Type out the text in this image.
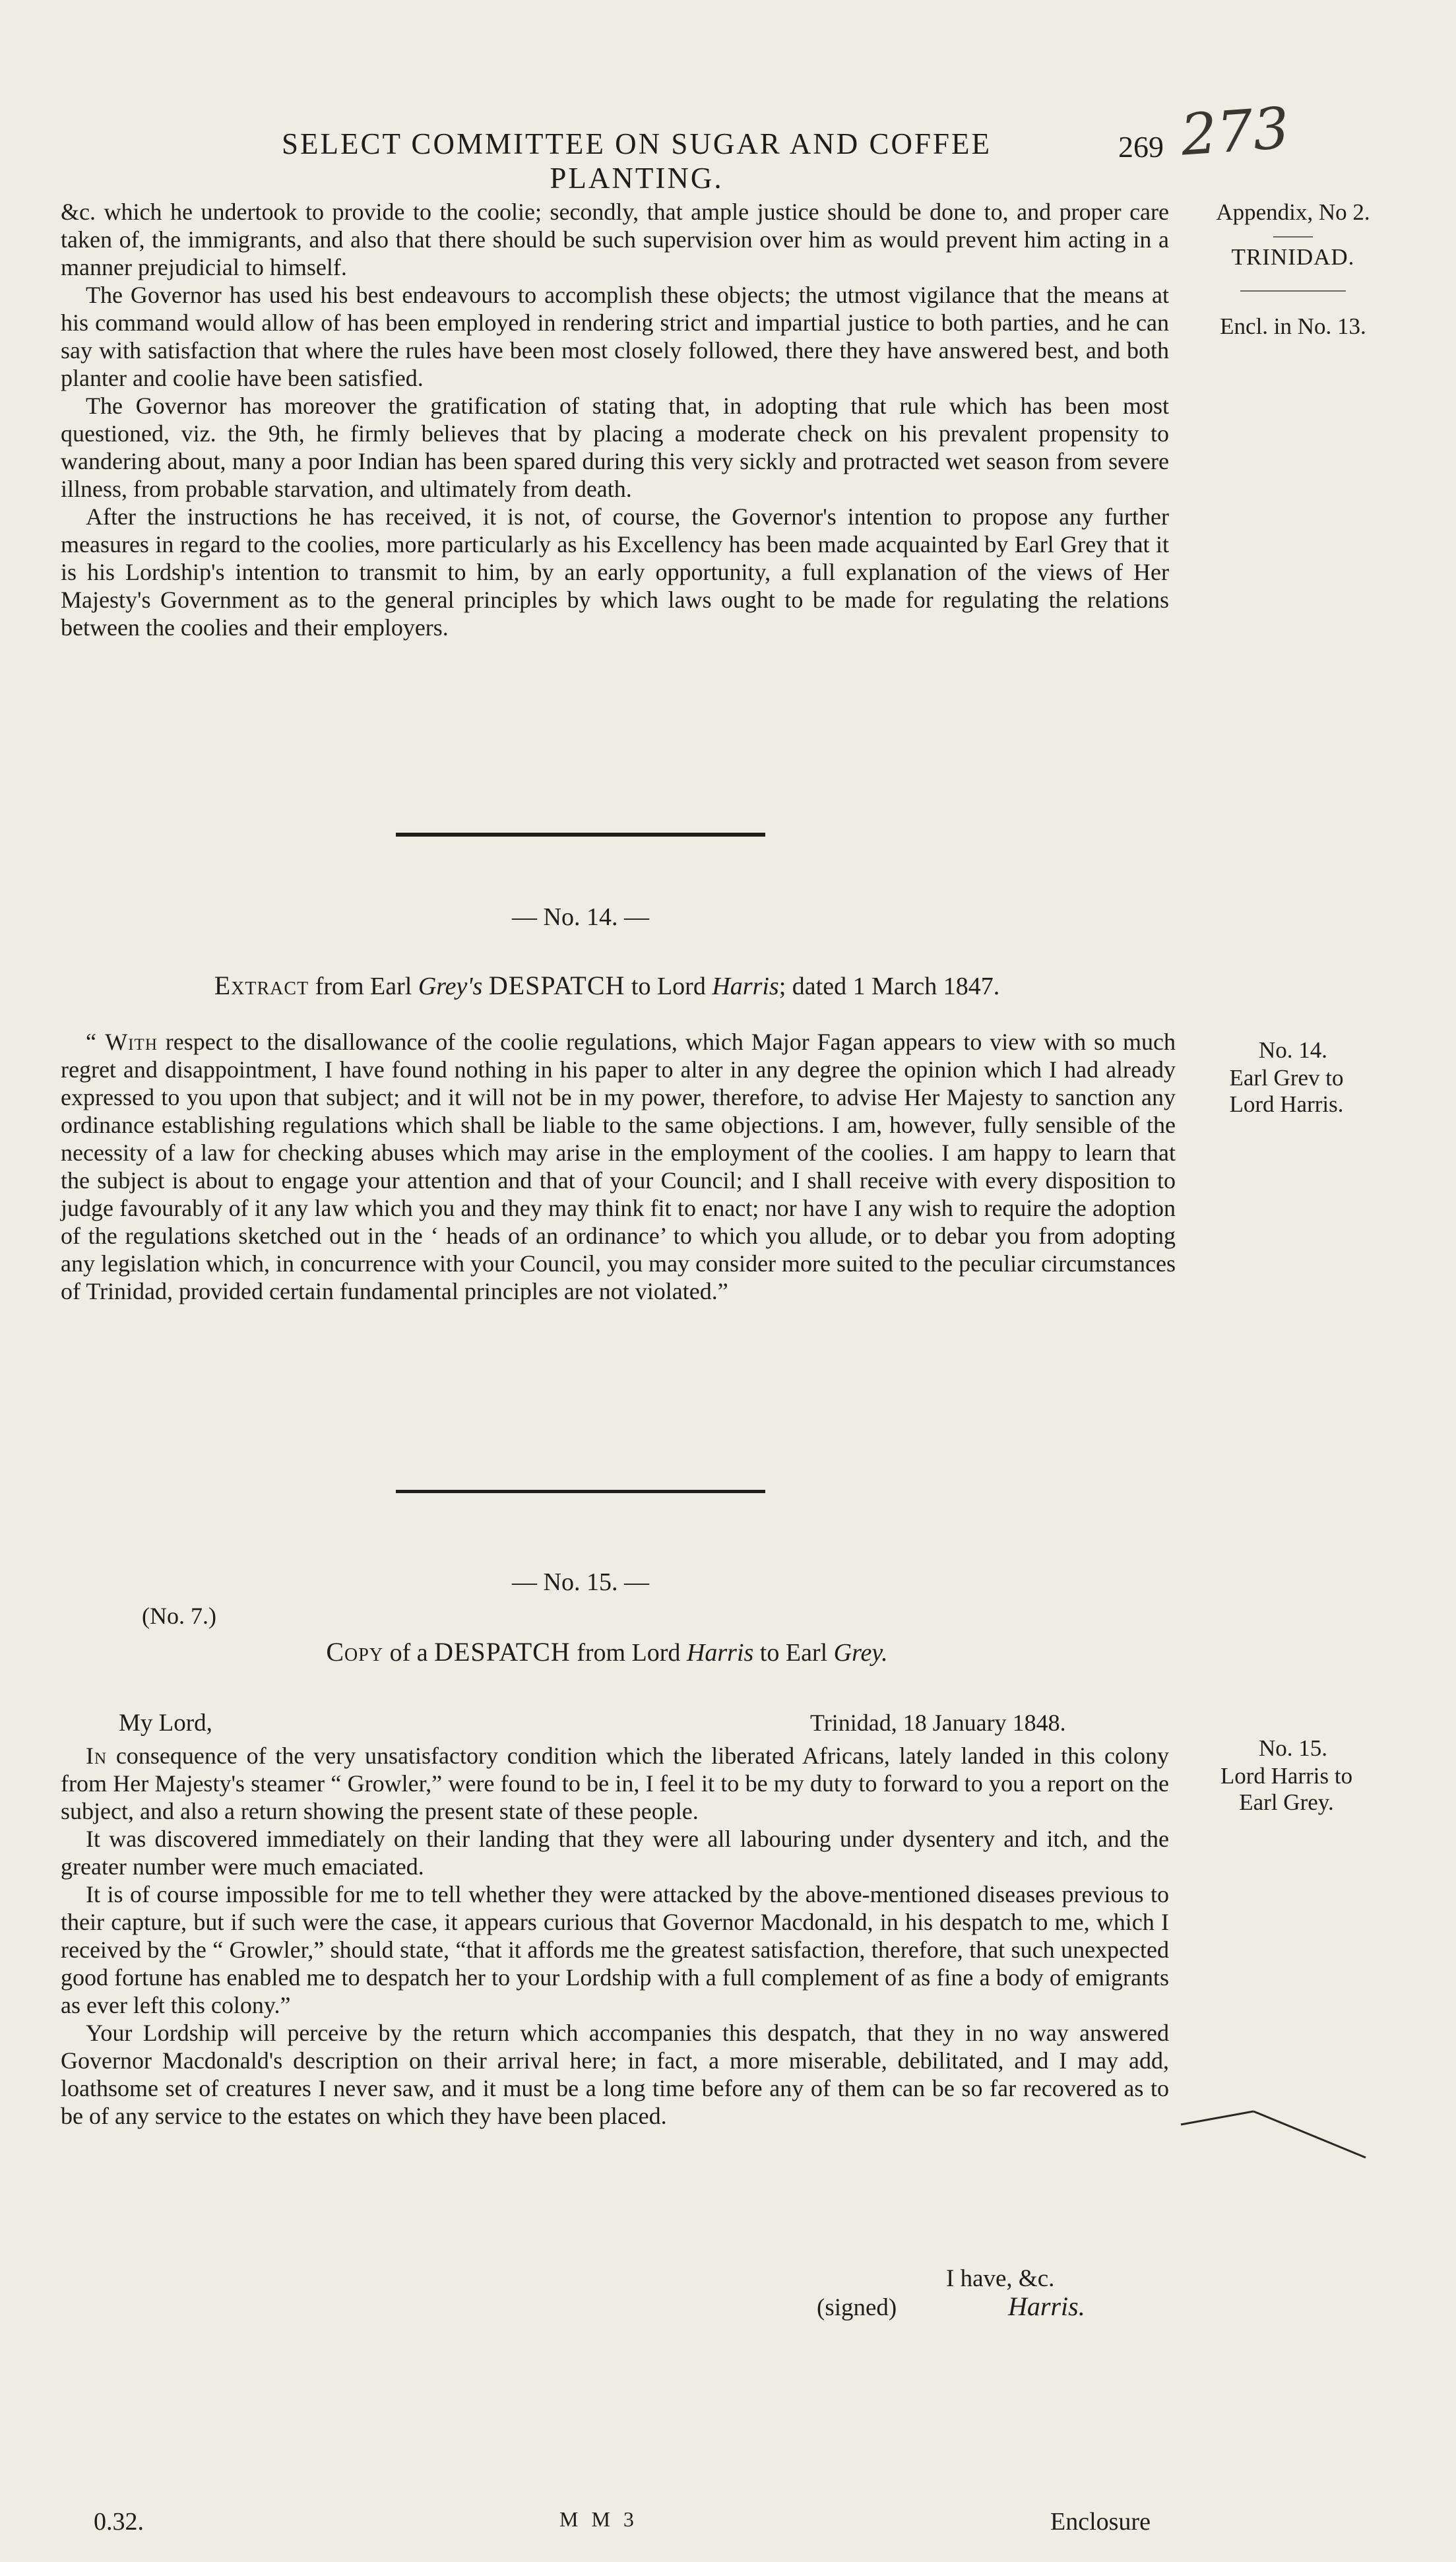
SELECT COMMITTEE ON SUGAR AND COFFEE PLANTING.
269 273
Appendix, No 2.
TRINIDAD.
Encl. in No. 13.

&c. which he undertook to provide to the coolie; secondly, that ample justice should be done to, and proper care taken of, the immigrants, and also that there should be such supervision over him as would prevent him acting in a manner prejudicial to himself.

The Governor has used his best endeavours to accomplish these objects; the utmost vigilance that the means at his command would allow of has been employed in rendering strict and impartial justice to both parties, and he can say with satisfaction that where the rules have been most closely followed, there they have answered best, and both planter and coolie have been satisfied.

The Governor has moreover the gratification of stating that, in adopting that rule which has been most questioned, viz. the 9th, he firmly believes that by placing a moderate check on his prevalent propensity to wandering about, many a poor Indian has been spared during this very sickly and protracted wet season from severe illness, from probable starvation, and ultimately from death.

After the instructions he has received, it is not, of course, the Governor's intention to propose any further measures in regard to the coolies, more particularly as his Excellency has been made acquainted by Earl Grey that it is his Lordship's intention to transmit to him, by an early opportunity, a full explanation of the views of Her Majesty's Government as to the general principles by which laws ought to be made for regulating the relations between the coolies and their employers.

— No. 14. —
Extract from Earl Grey's DESPATCH to Lord Harris; dated 1 March 1847.
No. 14.
Earl Grev to
Lord Harris.

“ With respect to the disallowance of the coolie regulations, which Major Fagan appears to view with so much regret and disappointment, I have found nothing in his paper to alter in any degree the opinion which I had already expressed to you upon that subject; and it will not be in my power, therefore, to advise Her Majesty to sanction any ordinance establishing regulations which shall be liable to the same objections. I am, however, fully sensible of the necessity of a law for checking abuses which may arise in the employment of the coolies. I am happy to learn that the subject is about to engage your attention and that of your Council; and I shall receive with every disposition to judge favourably of it any law which you and they may think fit to enact; nor have I any wish to require the adoption of the regulations sketched out in the ‘ heads of an ordinance’ to which you allude, or to debar you from adopting any legislation which, in concurrence with your Council, you may consider more suited to the peculiar circumstances of Trinidad, provided certain fundamental principles are not violated.”

— No. 15. —
(No. 7.)
Copy of a DESPATCH from Lord Harris to Earl Grey.
My Lord,	Trinidad, 18 January 1848.
No. 15.
Lord Harris to
Earl Grey.

In consequence of the very unsatisfactory condition which the liberated Africans, lately landed in this colony from Her Majesty's steamer “ Growler,” were found to be in, I feel it to be my duty to forward to you a report on the subject, and also a return showing the present state of these people.

It was discovered immediately on their landing that they were all labouring under dysentery and itch, and the greater number were much emaciated.

It is of course impossible for me to tell whether they were attacked by the above-mentioned diseases previous to their capture, but if such were the case, it appears curious that Governor Macdonald, in his despatch to me, which I received by the “ Growler,” should state, “that it affords me the greatest satisfaction, therefore, that such unexpected good fortune has enabled me to despatch her to your Lordship with a full complement of as fine a body of emigrants as ever left this colony.”

Your Lordship will perceive by the return which accompanies this despatch, that they in no way answered Governor Macdonald's description on their arrival here; in fact, a more miserable, debilitated, and I may add, loathsome set of creatures I never saw, and it must be a long time before any of them can be so far recovered as to be of any service to the estates on which they have been placed.

I have, &c.
(signed)	Harris.
0.32.	M M 3	Enclosure
